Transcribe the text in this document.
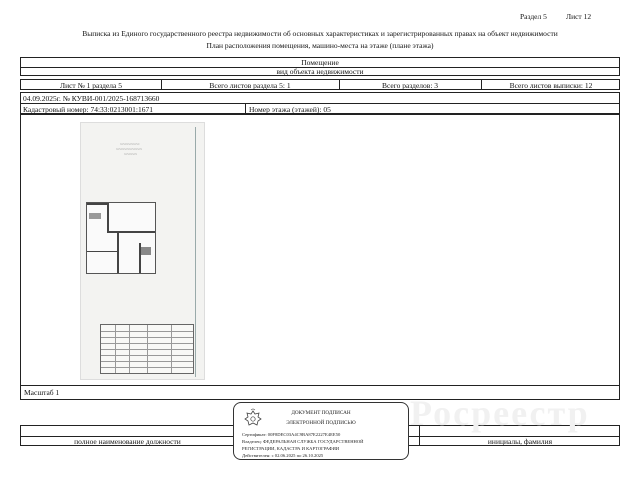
Раздел 5	Лист 12
Выписка из Единого государственного реестра недвижимости об основных характеристиках и зарегистрированных правах на объект недвижимости
План расположения помещения, машино-места на этаже (плане этажа)
Помещение
вид объекта недвижимости
Лист № 1 раздела 5	Всего листов раздела 5: 1	Всего разделов: 3	Всего листов выписки: 12
04.09.2025г. № КУВИ-001/2025-168713660
Кадастровый номер: 74:33:0213001:1671	Номер этажа (этажей): 05
Масштаб 1
~~~~~~~~~~~~
~~~~~~~~~~~~~~~~
~~~~~~~~
полное наименование должности	инициалы, фамилия
Росреестр
ДОКУМЕНТ ПОДПИСАН
ЭЛЕКТРОННОЙ ПОДПИСЬЮ
Сертификат: 00F8DEC03A4C9BA87E2227E4EE50
Владелец: ФЕДЕРАЛЬНАЯ СЛУЖБА ГОСУДАРСТВЕННОЙ
РЕГИСТРАЦИИ, КАДАСТРА И КАРТОГРАФИИ
Действителен: с 02.06.2025 по 26.10.2025
